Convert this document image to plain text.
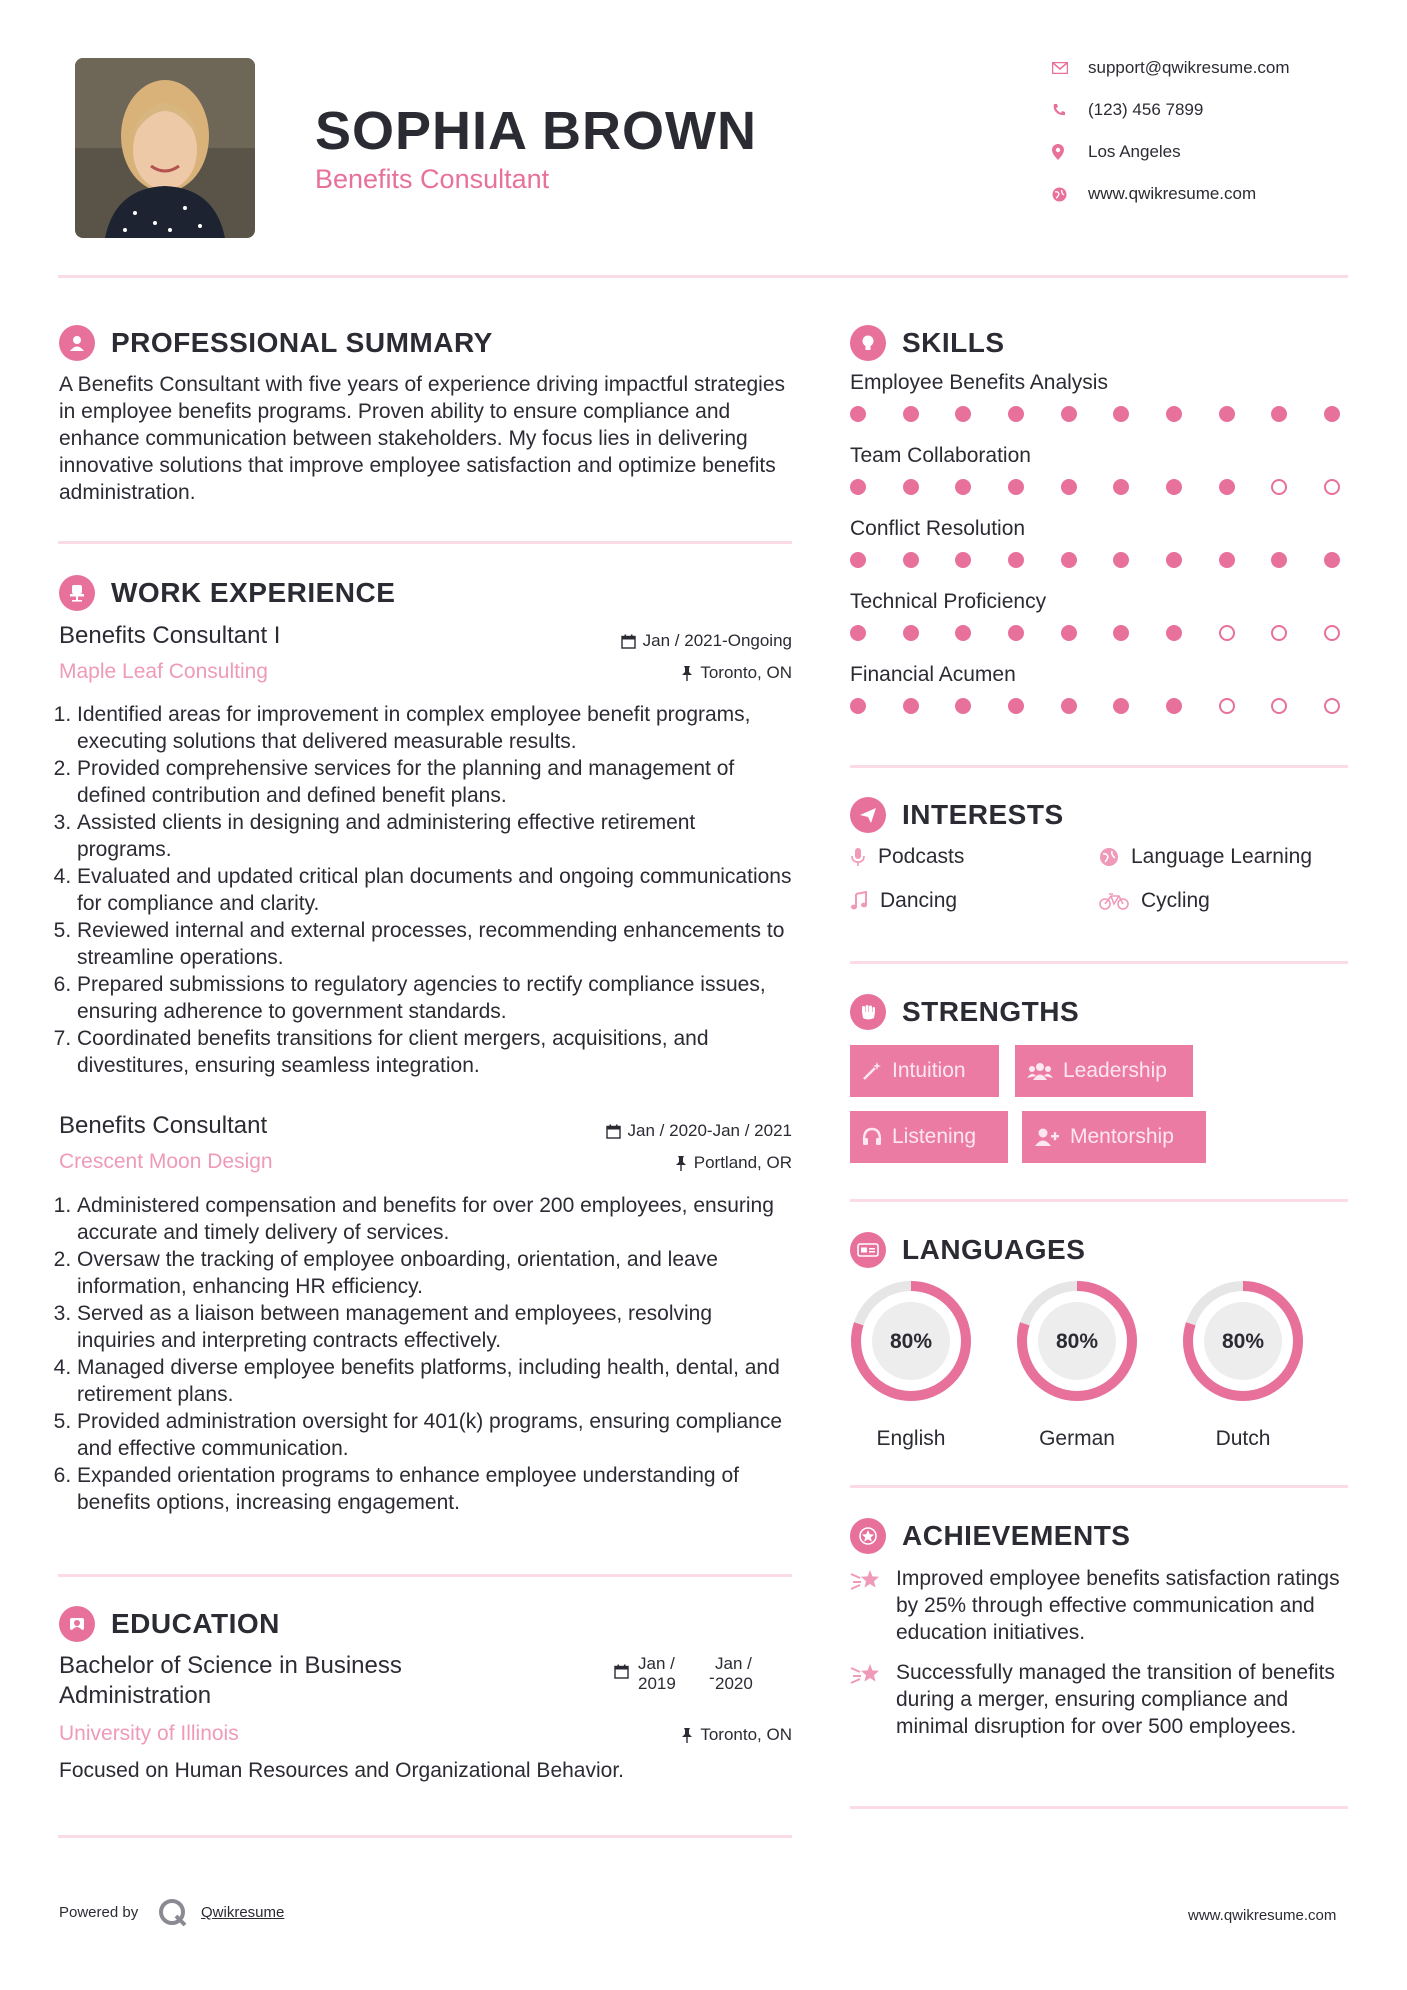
SOPHIA BROWN
Benefits Consultant
support@qwikresume.com
(123) 456 7899
Los Angeles
www.qwikresume.com
PROFESSIONAL SUMMARY
A Benefits Consultant with five years of experience driving impactful strategies in employee benefits programs. Proven ability to ensure compliance and enhance communication between stakeholders. My focus lies in delivering innovative solutions that improve employee satisfaction and optimize benefits administration.
WORK EXPERIENCE
Benefits Consultant I
Maple Leaf Consulting
Jan / 2021-Ongoing
Toronto, ON
1. Identified areas for improvement in complex employee benefit programs, executing solutions that delivered measurable results.
2. Provided comprehensive services for the planning and management of defined contribution and defined benefit plans.
3. Assisted clients in designing and administering effective retirement programs.
4. Evaluated and updated critical plan documents and ongoing communications for compliance and clarity.
5. Reviewed internal and external processes, recommending enhancements to streamline operations.
6. Prepared submissions to regulatory agencies to rectify compliance issues, ensuring adherence to government standards.
7. Coordinated benefits transitions for client mergers, acquisitions, and divestitures, ensuring seamless integration.
Benefits Consultant
Crescent Moon Design
Jan / 2020-Jan / 2021
Portland, OR
1. Administered compensation and benefits for over 200 employees, ensuring accurate and timely delivery of services.
2. Oversaw the tracking of employee onboarding, orientation, and leave information, enhancing HR efficiency.
3. Served as a liaison between management and employees, resolving inquiries and interpreting contracts effectively.
4. Managed diverse employee benefits platforms, including health, dental, and retirement plans.
5. Provided administration oversight for 401(k) programs, ensuring compliance and effective communication.
6. Expanded orientation programs to enhance employee understanding of benefits options, increasing engagement.
EDUCATION
Bachelor of Science in Business
Administration
University of Illinois
Jan /
2019 -
Jan /
2020
Toronto, ON
Focused on Human Resources and Organizational Behavior.
SKILLS
Employee Benefits Analysis
Team Collaboration
Conflict Resolution
Technical Proficiency
Financial Acumen
INTERESTS
Podcasts	Language Learning
Dancing	Cycling
STRENGTHS
Intuition	Leadership
Listening	Mentorship
LANGUAGES
80%
English
80%
German
80%
Dutch
ACHIEVEMENTS
Improved employee benefits satisfaction ratings by 25% through effective communication and education initiatives.
Successfully managed the transition of benefits during a merger, ensuring compliance and minimal disruption for over 500 employees.
Powered by	Qwikresume	www.qwikresume.com
